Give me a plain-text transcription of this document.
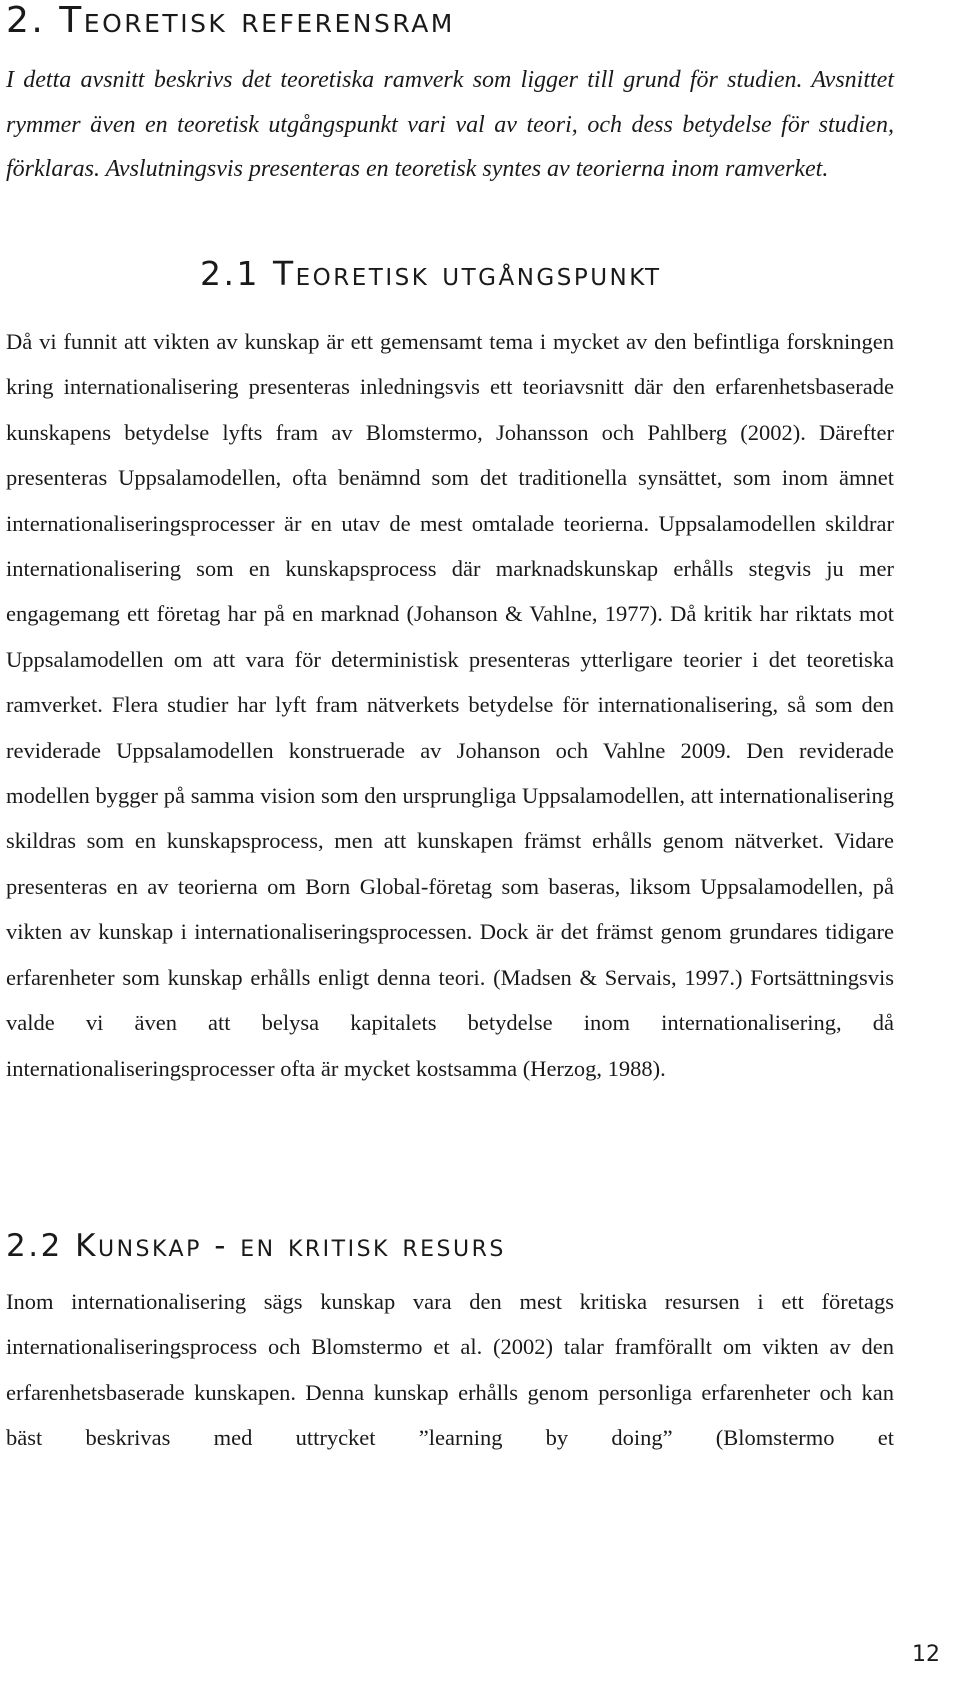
2. Teoretisk referensram

I detta avsnitt beskrivs det teoretiska ramverk som ligger till grund för studien. Avsnittet rymmer även en teoretisk utgångspunkt vari val av teori, och dess betydelse för studien, förklaras. Avslutningsvis presenteras en teoretisk syntes av teorierna inom ramverket.

2.1 Teoretisk utgångspunkt

Då vi funnit att vikten av kunskap är ett gemensamt tema i mycket av den befintliga forskningen kring internationalisering presenteras inledningsvis ett teoriavsnitt där den erfarenhetsbaserade kunskapens betydelse lyfts fram av Blomstermo, Johansson och Pahlberg (2002). Därefter presenteras Uppsalamodellen, ofta benämnd som det traditionella synsättet, som inom ämnet internationaliseringsprocesser är en utav de mest omtalade teorierna. Uppsalamodellen skildrar internationalisering som en kunskapsprocess där marknadskunskap erhålls stegvis ju mer engagemang ett företag har på en marknad (Johanson & Vahlne, 1977). Då kritik har riktats mot Uppsalamodellen om att vara för deterministisk presenteras ytterligare teorier i det teoretiska ramverket. Flera studier har lyft fram nätverkets betydelse för internationalisering, så som den reviderade Uppsalamodellen konstruerade av Johanson och Vahlne 2009. Den reviderade modellen bygger på samma vision som den ursprungliga Uppsalamodellen, att internationalisering skildras som en kunskapsprocess, men att kunskapen främst erhålls genom nätverket. Vidare presenteras en av teorierna om Born Global-företag som baseras, liksom Uppsalamodellen, på vikten av kunskap i internationaliseringsprocessen. Dock är det främst genom grundares tidigare erfarenheter som kunskap erhålls enligt denna teori. (Madsen & Servais, 1997.) Fortsättningsvis valde vi även att belysa kapitalets betydelse inom internationalisering, då internationaliseringsprocesser ofta är mycket kostsamma (Herzog, 1988).

2.2 Kunskap - en kritisk resurs

Inom internationalisering sägs kunskap vara den mest kritiska resursen i ett företags internationaliseringsprocess och Blomstermo et al. (2002) talar framförallt om vikten av den erfarenhetsbaserade kunskapen. Denna kunskap erhålls genom personliga erfarenheter och kan bäst beskrivas med uttrycket ”learning by doing” (Blomstermo et

12
